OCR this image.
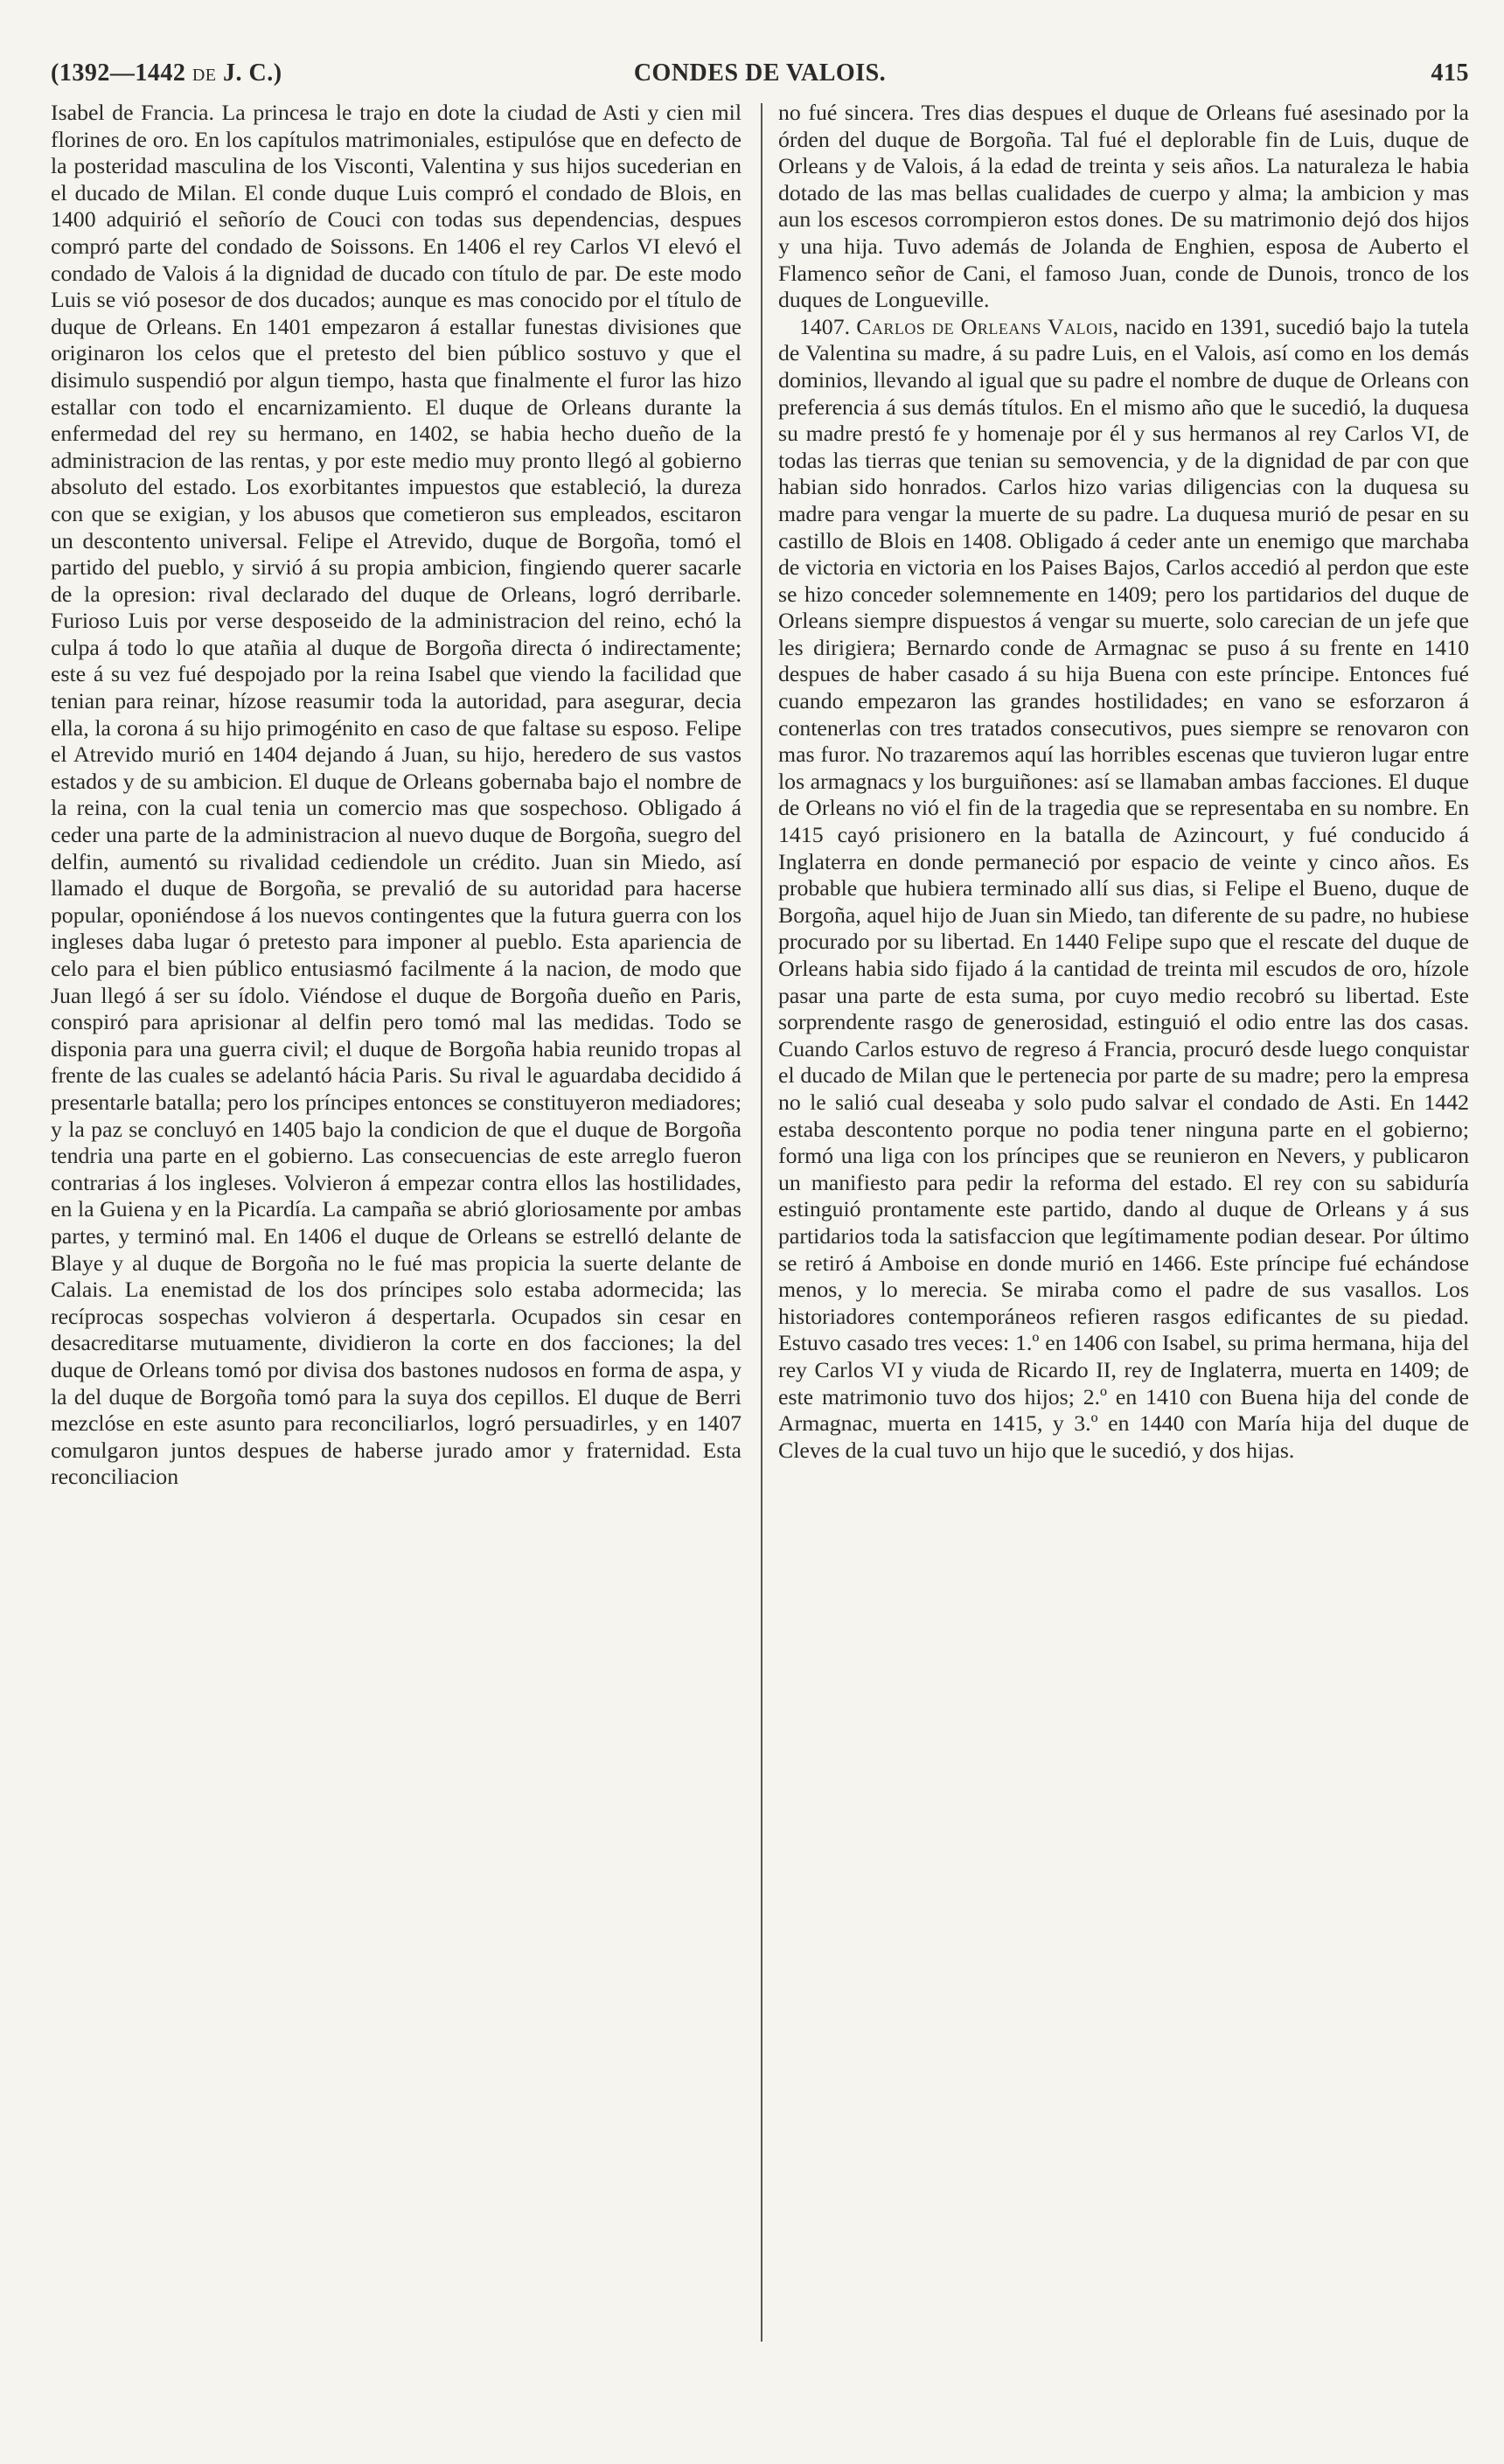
(1392—1442 DE J. C.)	CONDES DE VALOIS.	415

Isabel de Francia. La princesa le trajo en dote la ciudad de Asti y cien mil florines de oro. En los capítulos matrimoniales, estipulóse que en defecto de la posteridad masculina de los Visconti, Valentina y sus hijos sucederian en el ducado de Milan. El conde duque Luis compró el condado de Blois, en 1400 adquirió el señorío de Couci con todas sus dependencias, despues compró parte del condado de Soissons. En 1406 el rey Carlos VI elevó el condado de Valois á la dignidad de ducado con título de par. De este modo Luis se vió posesor de dos ducados; aunque es mas conocido por el título de duque de Orleans. En 1401 empezaron á estallar funestas divisiones que originaron los celos que el pretesto del bien público sostuvo y que el disimulo suspendió por algun tiempo, hasta que finalmente el furor las hizo estallar con todo el encarnizamiento. El duque de Orleans durante la enfermedad del rey su hermano, en 1402, se habia hecho dueño de la administracion de las rentas, y por este medio muy pronto llegó al gobierno absoluto del estado. Los exorbitantes impuestos que estableció, la dureza con que se exigian, y los abusos que cometieron sus empleados, escitaron un descontento universal. Felipe el Atrevido, duque de Borgoña, tomó el partido del pueblo, y sirvió á su propia ambicion, fingiendo querer sacarle de la opresion: rival declarado del duque de Orleans, logró derribarle. Furioso Luis por verse desposeido de la administracion del reino, echó la culpa á todo lo que atañia al duque de Borgoña directa ó indirectamente; este á su vez fué despojado por la reina Isabel que viendo la facilidad que tenian para reinar, hízose reasumir toda la autoridad, para asegurar, decia ella, la corona á su hijo primogénito en caso de que faltase su esposo. Felipe el Atrevido murió en 1404 dejando á Juan, su hijo, heredero de sus vastos estados y de su ambicion. El duque de Orleans gobernaba bajo el nombre de la reina, con la cual tenia un comercio mas que sospechoso. Obligado á ceder una parte de la administracion al nuevo duque de Borgoña, suegro del delfin, aumentó su rivalidad cediendole un crédito. Juan sin Miedo, así llamado el duque de Borgoña, se prevalió de su autoridad para hacerse popular, oponiéndose á los nuevos contingentes que la futura guerra con los ingleses daba lugar ó pretesto para imponer al pueblo. Esta apariencia de celo para el bien público entusiasmó facilmente á la nacion, de modo que Juan llegó á ser su ídolo. Viéndose el duque de Borgoña dueño en Paris, conspiró para aprisionar al delfin pero tomó mal las medidas. Todo se disponia para una guerra civil; el duque de Borgoña habia reunido tropas al frente de las cuales se adelantó hácia Paris. Su rival le aguardaba decidido á presentarle batalla; pero los príncipes entonces se constituyeron mediadores; y la paz se concluyó en 1405 bajo la condicion de que el duque de Borgoña tendria una parte en el gobierno. Las consecuencias de este arreglo fueron contrarias á los ingleses. Volvieron á empezar contra ellos las hostilidades, en la Guiena y en la Picardía. La campaña se abrió gloriosamente por ambas partes, y terminó mal. En 1406 el duque de Orleans se estrelló delante de Blaye y al duque de Borgoña no le fué mas propicia la suerte delante de Calais. La enemistad de los dos príncipes solo estaba adormecida; las recíprocas sospechas volvieron á despertarla. Ocupados sin cesar en desacreditarse mutuamente, dividieron la corte en dos facciones; la del duque de Orleans tomó por divisa dos bastones nudosos en forma de aspa, y la del duque de Borgoña tomó para la suya dos cepillos. El duque de Berri mezclóse en este asunto para reconciliarlos, logró persuadirles, y en 1407 comulgaron juntos despues de haberse jurado amor y fraternidad. Esta reconciliacion

no fué sincera. Tres dias despues el duque de Orleans fué asesinado por la órden del duque de Borgoña. Tal fué el deplorable fin de Luis, duque de Orleans y de Valois, á la edad de treinta y seis años. La naturaleza le habia dotado de las mas bellas cualidades de cuerpo y alma; la ambicion y mas aun los escesos corrompieron estos dones. De su matrimonio dejó dos hijos y una hija. Tuvo además de Jolanda de Enghien, esposa de Auberto el Flamenco señor de Cani, el famoso Juan, conde de Dunois, tronco de los duques de Longueville.

1407. Carlos de Orleans Valois, nacido en 1391, sucedió bajo la tutela de Valentina su madre, á su padre Luis, en el Valois, así como en los demás dominios, llevando al igual que su padre el nombre de duque de Orleans con preferencia á sus demás títulos. En el mismo año que le sucedió, la duquesa su madre prestó fe y homenaje por él y sus hermanos al rey Carlos VI, de todas las tierras que tenian su semovencia, y de la dignidad de par con que habian sido honrados. Carlos hizo varias diligencias con la duquesa su madre para vengar la muerte de su padre. La duquesa murió de pesar en su castillo de Blois en 1408. Obligado á ceder ante un enemigo que marchaba de victoria en victoria en los Paises Bajos, Carlos accedió al perdon que este se hizo conceder solemnemente en 1409; pero los partidarios del duque de Orleans siempre dispuestos á vengar su muerte, solo carecian de un jefe que les dirigiera; Bernardo conde de Armagnac se puso á su frente en 1410 despues de haber casado á su hija Buena con este príncipe. Entonces fué cuando empezaron las grandes hostilidades; en vano se esforzaron á contenerlas con tres tratados consecutivos, pues siempre se renovaron con mas furor. No trazaremos aquí las horribles escenas que tuvieron lugar entre los armagnacs y los burguiñones: así se llamaban ambas facciones. El duque de Orleans no vió el fin de la tragedia que se representaba en su nombre. En 1415 cayó prisionero en la batalla de Azincourt, y fué conducido á Inglaterra en donde permaneció por espacio de veinte y cinco años. Es probable que hubiera terminado allí sus dias, si Felipe el Bueno, duque de Borgoña, aquel hijo de Juan sin Miedo, tan diferente de su padre, no hubiese procurado por su libertad. En 1440 Felipe supo que el rescate del duque de Orleans habia sido fijado á la cantidad de treinta mil escudos de oro, hízole pasar una parte de esta suma, por cuyo medio recobró su libertad. Este sorprendente rasgo de generosidad, estinguió el odio entre las dos casas. Cuando Carlos estuvo de regreso á Francia, procuró desde luego conquistar el ducado de Milan que le pertenecia por parte de su madre; pero la empresa no le salió cual deseaba y solo pudo salvar el condado de Asti. En 1442 estaba descontento porque no podia tener ninguna parte en el gobierno; formó una liga con los príncipes que se reunieron en Nevers, y publicaron un manifiesto para pedir la reforma del estado. El rey con su sabiduría estinguió prontamente este partido, dando al duque de Orleans y á sus partidarios toda la satisfaccion que legítimamente podian desear. Por último se retiró á Amboise en donde murió en 1466. Este príncipe fué echándose menos, y lo merecia. Se miraba como el padre de sus vasallos. Los historiadores contemporáneos refieren rasgos edificantes de su piedad. Estuvo casado tres veces: 1.º en 1406 con Isabel, su prima hermana, hija del rey Carlos VI y viuda de Ricardo II, rey de Inglaterra, muerta en 1409; de este matrimonio tuvo dos hijos; 2.º en 1410 con Buena hija del conde de Armagnac, muerta en 1415, y 3.º en 1440 con María hija del duque de Cleves de la cual tuvo un hijo que le sucedió, y dos hijas.
